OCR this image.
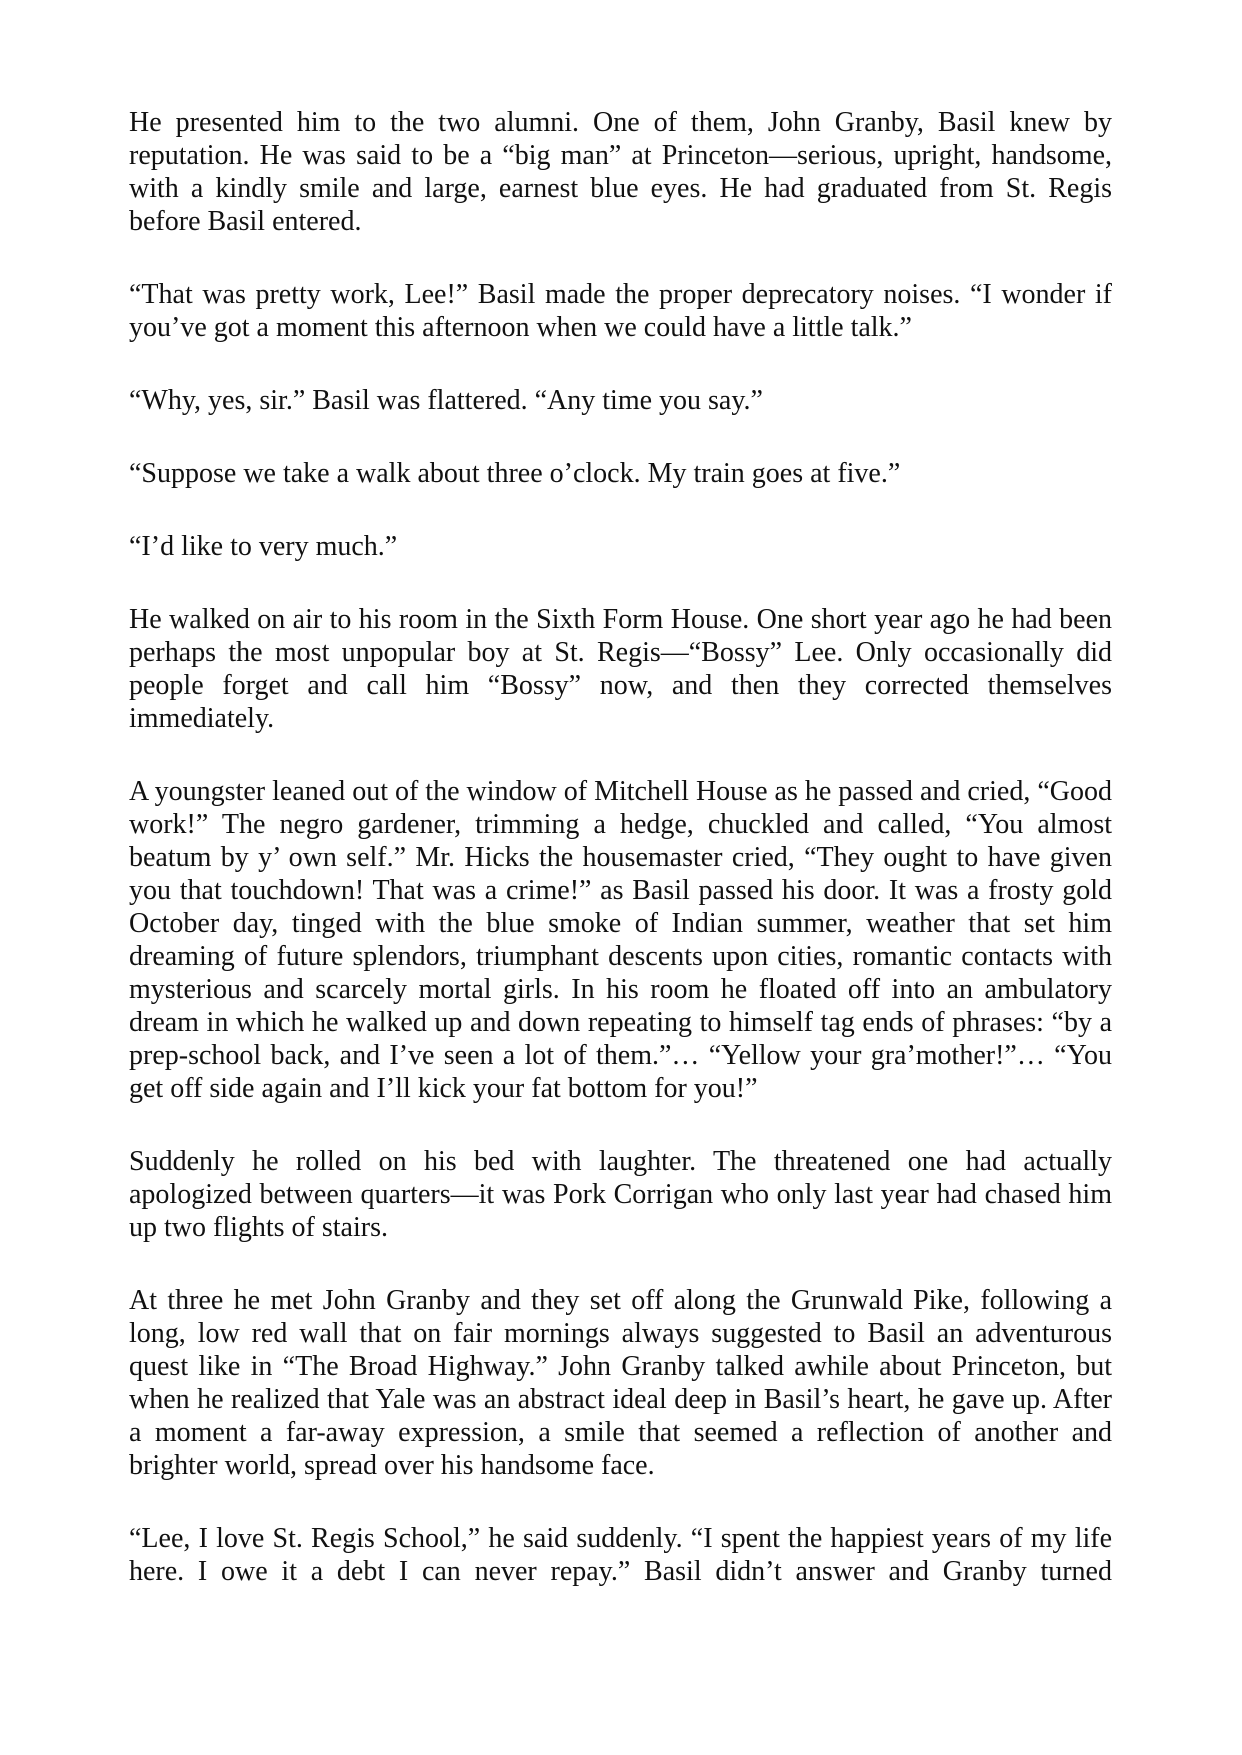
He presented him to the two alumni. One of them, John Granby, Basil knew by reputation. He was said to be a “big man” at Princeton—serious, upright, handsome, with a kindly smile and large, earnest blue eyes. He had graduated from St. Regis before Basil entered.

“That was pretty work, Lee!” Basil made the proper deprecatory noises. “I wonder if you’ve got a moment this afternoon when we could have a little talk.”

“Why, yes, sir.” Basil was flattered. “Any time you say.”

“Suppose we take a walk about three o’clock. My train goes at five.”

“I’d like to very much.”

He walked on air to his room in the Sixth Form House. One short year ago he had been perhaps the most unpopular boy at St. Regis—“Bossy” Lee. Only occasionally did people forget and call him “Bossy” now, and then they corrected themselves immediately.

A youngster leaned out of the window of Mitchell House as he passed and cried, “Good work!” The negro gardener, trimming a hedge, chuckled and called, “You almost beatum by y’ own self.” Mr. Hicks the housemaster cried, “They ought to have given you that touchdown! That was a crime!” as Basil passed his door. It was a frosty gold October day, tinged with the blue smoke of Indian summer, weather that set him dreaming of future splendors, triumphant descents upon cities, romantic contacts with mysterious and scarcely mortal girls. In his room he floated off into an ambulatory dream in which he walked up and down repeating to himself tag ends of phrases: “by a prep-school back, and I’ve seen a lot of them.”… “Yellow your gra’mother!”… “You get off side again and I’ll kick your fat bottom for you!”

Suddenly he rolled on his bed with laughter. The threatened one had actually apologized between quarters—it was Pork Corrigan who only last year had chased him up two flights of stairs.

At three he met John Granby and they set off along the Grunwald Pike, following a long, low red wall that on fair mornings always suggested to Basil an adventurous quest like in “The Broad Highway.” John Granby talked awhile about Princeton, but when he realized that Yale was an abstract ideal deep in Basil’s heart, he gave up. After a moment a far-away expression, a smile that seemed a reflection of another and brighter world, spread over his handsome face.

“Lee, I love St. Regis School,” he said suddenly. “I spent the happiest years of my life here. I owe it a debt I can never repay.” Basil didn’t answer and Granby turned
